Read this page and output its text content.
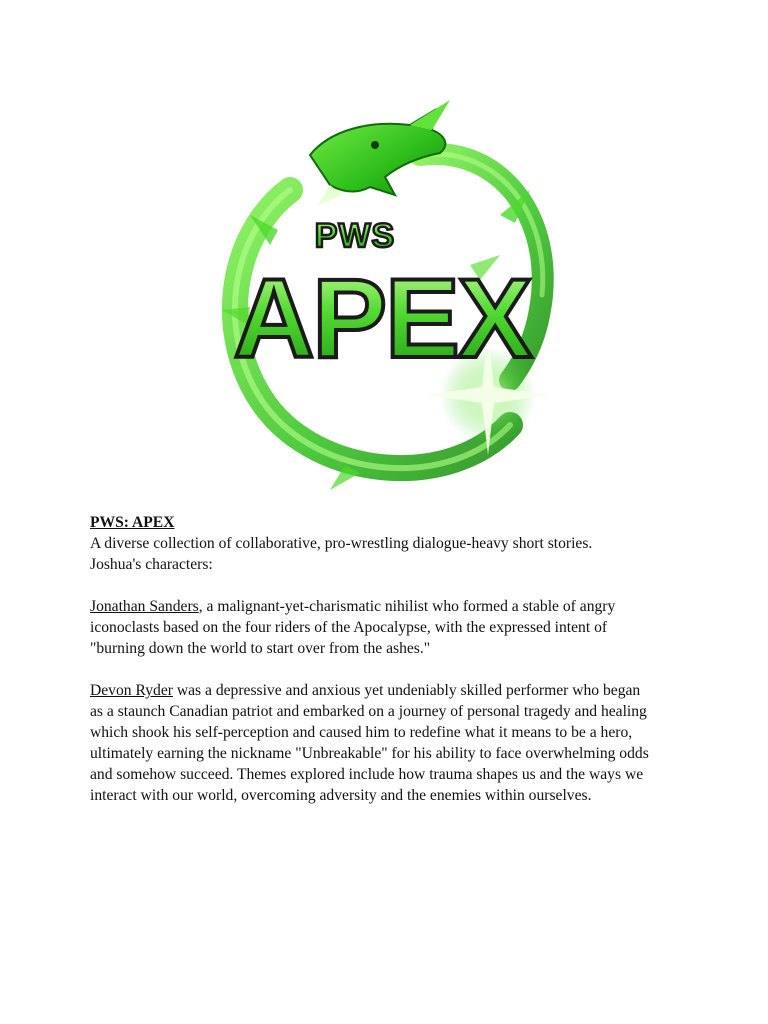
PWS
APEX

PWS: APEX

A diverse collection of collaborative, pro-wrestling dialogue-heavy short stories.

Joshua's characters:

Jonathan Sanders, a malignant-yet-charismatic nihilist who formed a stable of angry

iconoclasts based on the four riders of the Apocalypse, with the expressed intent of

"burning down the world to start over from the ashes."

Devon Ryder was a depressive and anxious yet undeniably skilled performer who began

as a staunch Canadian patriot and embarked on a journey of personal tragedy and healing

which shook his self-perception and caused him to redefine what it means to be a hero,

ultimately earning the nickname "Unbreakable" for his ability to face overwhelming odds

and somehow succeed. Themes explored include how trauma shapes us and the ways we

interact with our world, overcoming adversity and the enemies within ourselves.
